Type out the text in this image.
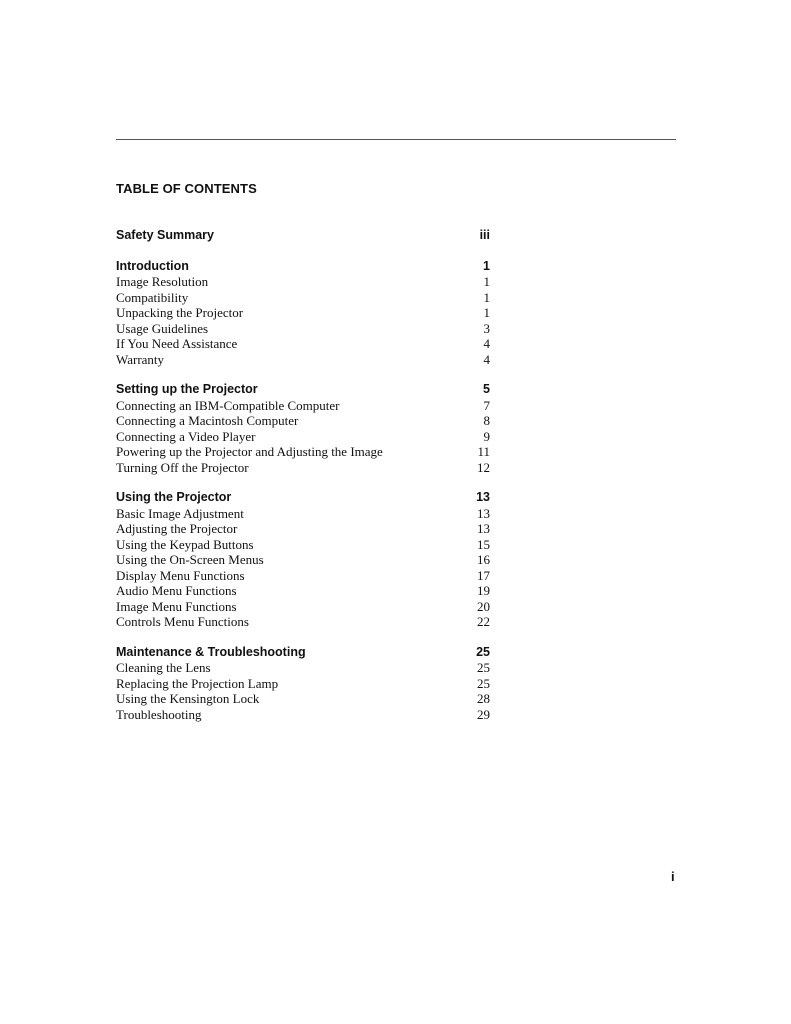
TABLE OF CONTENTS
Safety Summary	iii
Introduction	1
Image Resolution	1
Compatibility	1
Unpacking the Projector	1
Usage Guidelines	3
If You Need Assistance	4
Warranty	4
Setting up the Projector	5
Connecting an IBM-Compatible Computer	7
Connecting a Macintosh Computer	8
Connecting a Video Player	9
Powering up the Projector and Adjusting the Image	11
Turning Off the Projector	12
Using the Projector	13
Basic Image Adjustment	13
Adjusting the Projector	13
Using the Keypad Buttons	15
Using the On-Screen Menus	16
Display Menu Functions	17
Audio Menu Functions	19
Image Menu Functions	20
Controls Menu Functions	22
Maintenance & Troubleshooting	25
Cleaning the Lens	25
Replacing the Projection Lamp	25
Using the Kensington Lock	28
Troubleshooting	29
i
